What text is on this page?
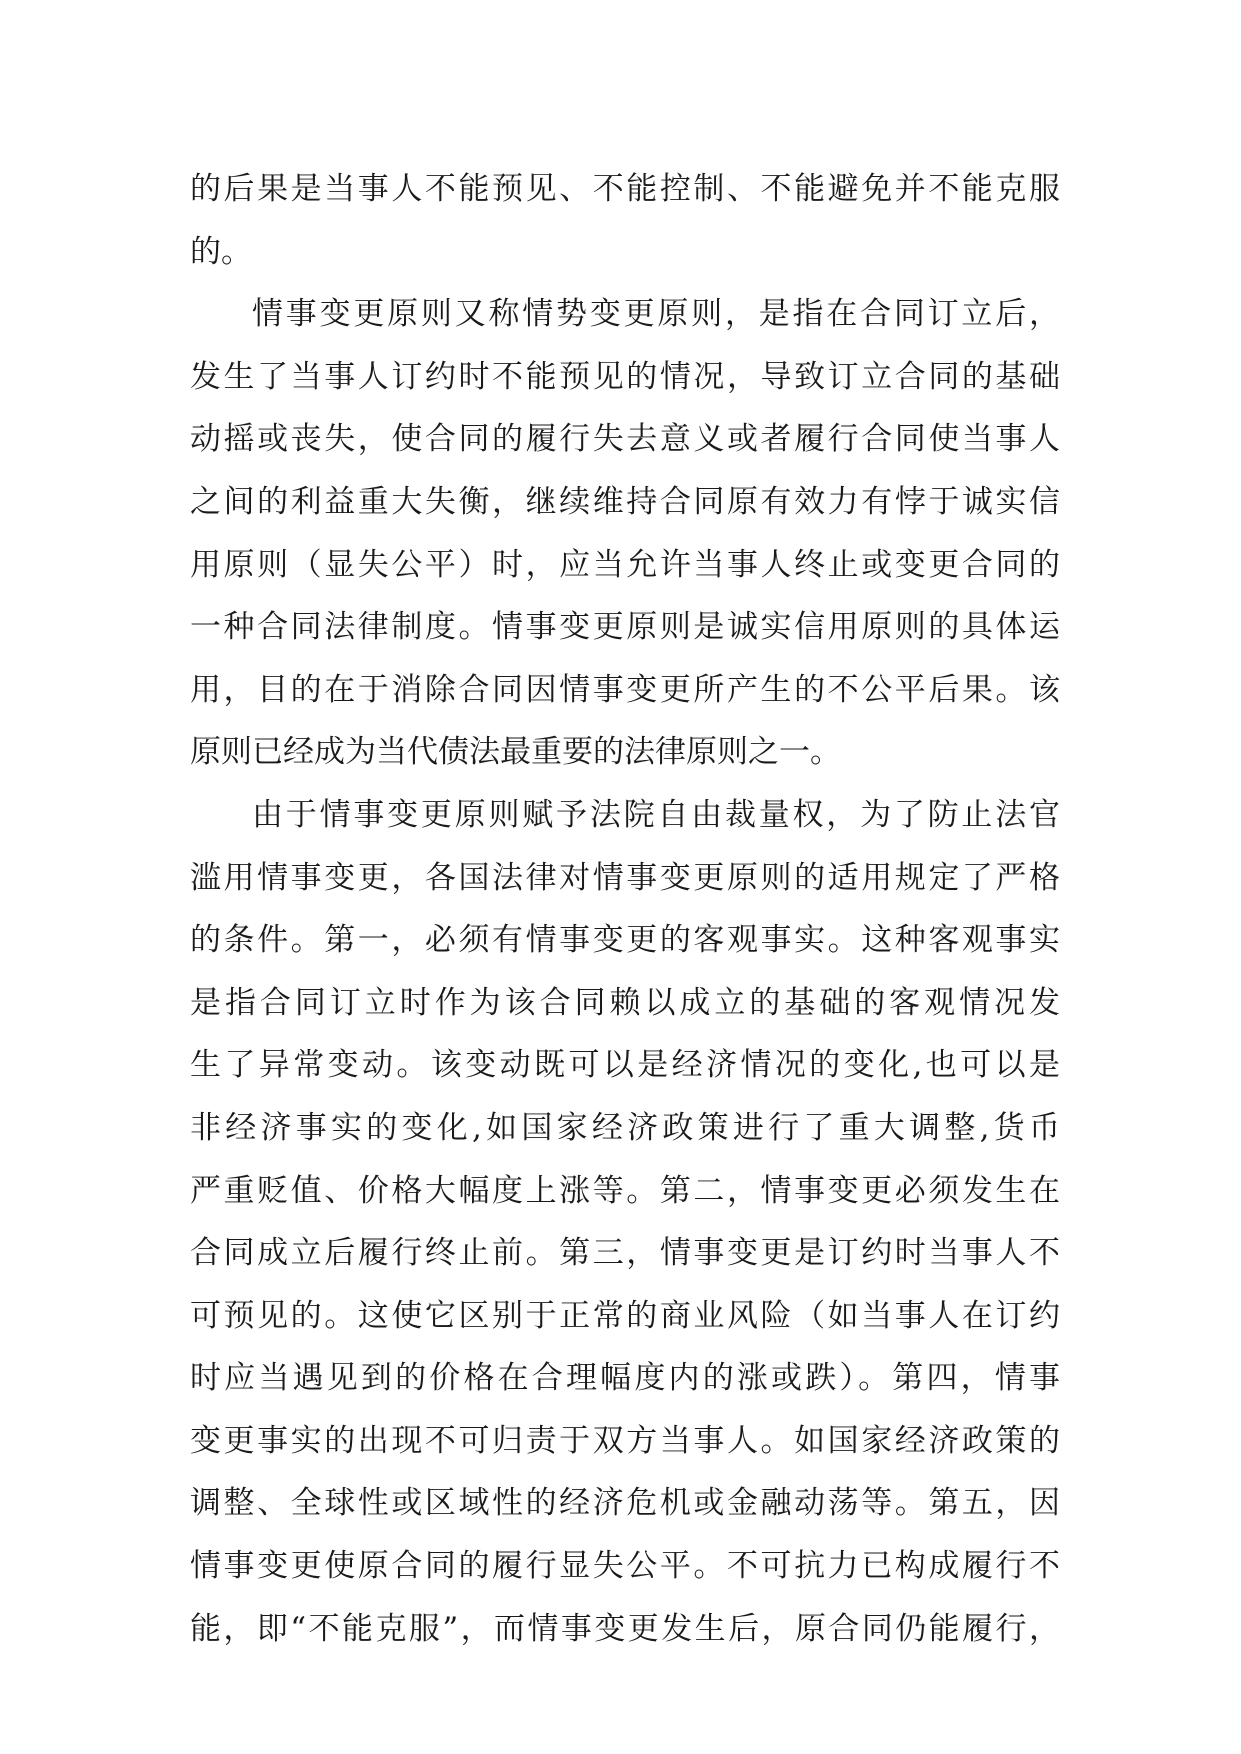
的后果是当事人不能预见、不能控制、不能避免并不能克服
的。
情事变更原则又称情势变更原则，是指在合同订立后，
发生了当事人订约时不能预见的情况，导致订立合同的基础
动摇或丧失，使合同的履行失去意义或者履行合同使当事人
之间的利益重大失衡，继续维持合同原有效力有悖于诚实信
用原则（显失公平）时，应当允许当事人终止或变更合同的
一种合同法律制度。情事变更原则是诚实信用原则的具体运
用，目的在于消除合同因情事变更所产生的不公平后果。该
原则已经成为当代债法最重要的法律原则之一。
由于情事变更原则赋予法院自由裁量权，为了防止法官
滥用情事变更，各国法律对情事变更原则的适用规定了严格
的条件。第一，必须有情事变更的客观事实。这种客观事实
是指合同订立时作为该合同赖以成立的基础的客观情况发
生了异常变动。该变动既可以是经济情况的变化,也可以是
非经济事实的变化,如国家经济政策进行了重大调整,货币
严重贬值、价格大幅度上涨等。第二，情事变更必须发生在
合同成立后履行终止前。第三，情事变更是订约时当事人不
可预见的。这使它区别于正常的商业风险（如当事人在订约
时应当遇见到的价格在合理幅度内的涨或跌）。第四，情事
变更事实的出现不可归责于双方当事人。如国家经济政策的
调整、全球性或区域性的经济危机或金融动荡等。第五，因
情事变更使原合同的履行显失公平。不可抗力已构成履行不
能，即“不能克服”，而情事变更发生后，原合同仍能履行，
